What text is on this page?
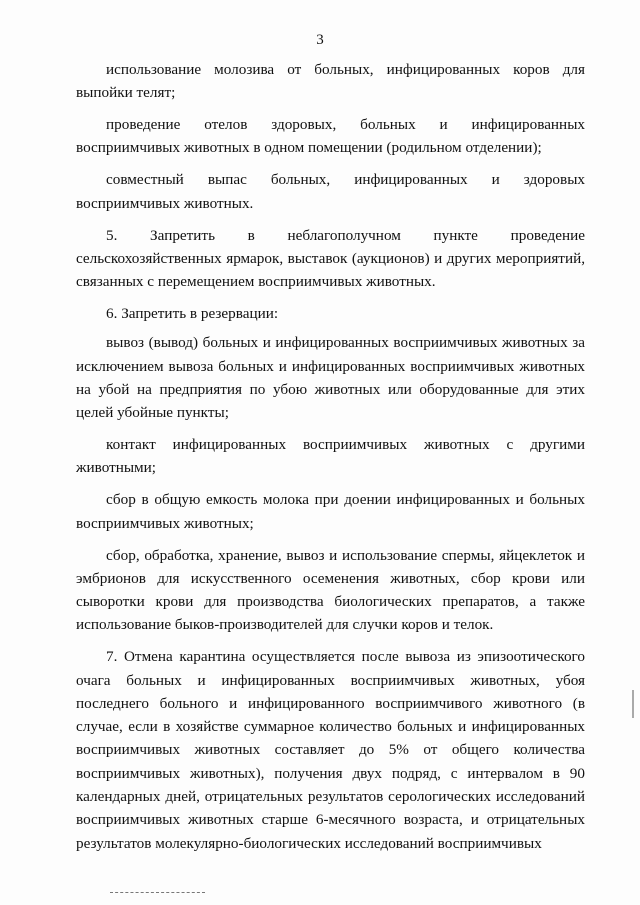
3

использование молозива от больных, инфицированных коров для выпойки телят;

проведение отелов здоровых, больных и инфицированных восприимчивых животных в одном помещении (родильном отделении);

совместный выпас больных, инфицированных и здоровых восприимчивых животных.

5. Запретить в неблагополучном пункте проведение сельскохозяйственных ярмарок, выставок (аукционов) и других мероприятий, связанных с перемещением восприимчивых животных.

6. Запретить в резервации:

вывоз (вывод) больных и инфицированных восприимчивых животных за исключением вывоза больных и инфицированных восприимчивых животных на убой на предприятия по убою животных или оборудованные для этих целей убойные пункты;

контакт инфицированных восприимчивых животных с другими животными;

сбор в общую емкость молока при доении инфицированных и больных восприимчивых животных;

сбор, обработка, хранение, вывоз и использование спермы, яйцеклеток и эмбрионов для искусственного осеменения животных, сбор крови или сыворотки крови для производства биологических препаратов, а также использование быков-производителей для случки коров и телок.

7. Отмена карантина осуществляется после вывоза из эпизоотического очага больных и инфицированных восприимчивых животных, убоя последнего больного и инфицированного восприимчивого животного (в случае, если в хозяйстве суммарное количество больных и инфицированных восприимчивых животных составляет до 5% от общего количества восприимчивых животных), получения двух подряд, с интервалом в 90 календарных дней, отрицательных результатов серологических исследований восприимчивых животных старше 6-месячного возраста, и отрицательных результатов молекулярно-биологических исследований восприимчивых
